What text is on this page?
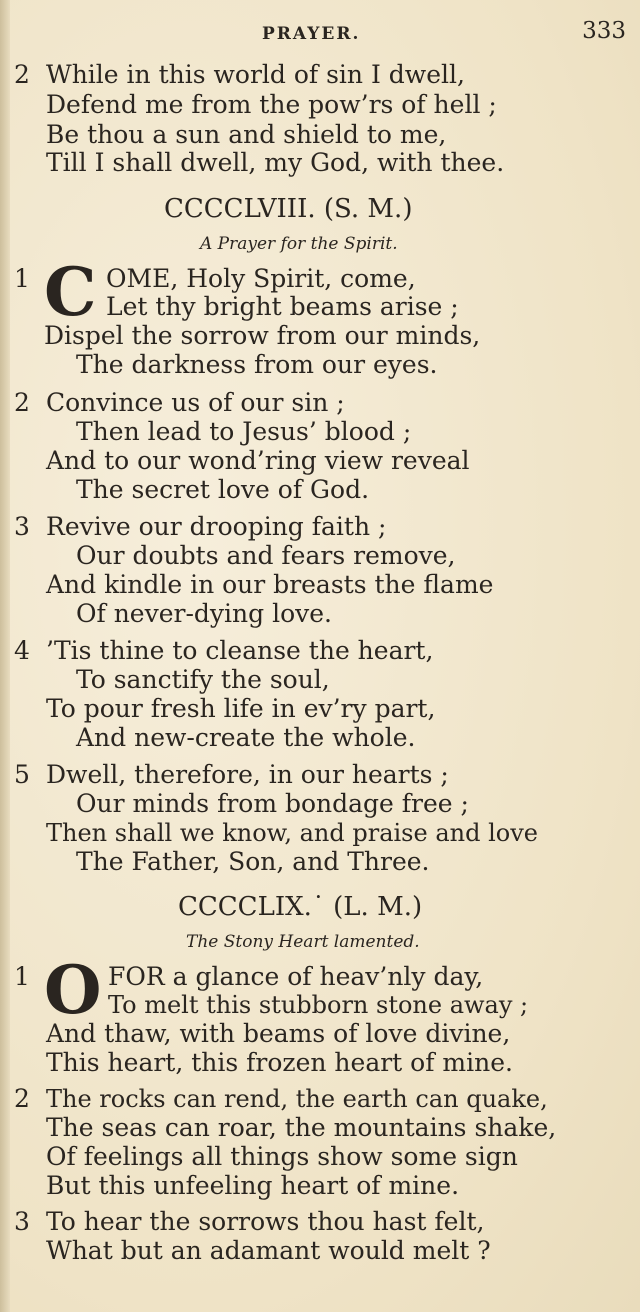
PRAYER.	333
2 While in this world of sin I dwell,
Defend me from the pow’rs of hell ;
Be thou a sun and shield to me,
Till I shall dwell, my God, with thee.
CCCCLVIII. (S. M.)
A Prayer for the Spirit.
1 C OME, Holy Spirit, come,
Let thy bright beams arise ;
Dispel the sorrow from our minds,
The darkness from our eyes.
2 Convince us of our sin ;
Then lead to Jesus’ blood ;
And to our wond’ring view reveal
The secret love of God.
3 Revive our drooping faith ;
Our doubts and fears remove,
And kindle in our breasts the flame
Of never-dying love.
4 ’Tis thine to cleanse the heart,
To sanctify the soul,
To pour fresh life in ev’ry part,
And new-create the whole.
5 Dwell, therefore, in our hearts ;
Our minds from bondage free ;
Then shall we know, and praise and love
The Father, Son, and Three.
CCCCLIX.˙ (L. M.)
The Stony Heart lamented.
1 O FOR a glance of heav’nly day,
To melt this stubborn stone away ;
And thaw, with beams of love divine,
This heart, this frozen heart of mine.
2 The rocks can rend, the earth can quake,
The seas can roar, the mountains shake,
Of feelings all things show some sign
But this unfeeling heart of mine.
3 To hear the sorrows thou hast felt,
What but an adamant would melt ?
